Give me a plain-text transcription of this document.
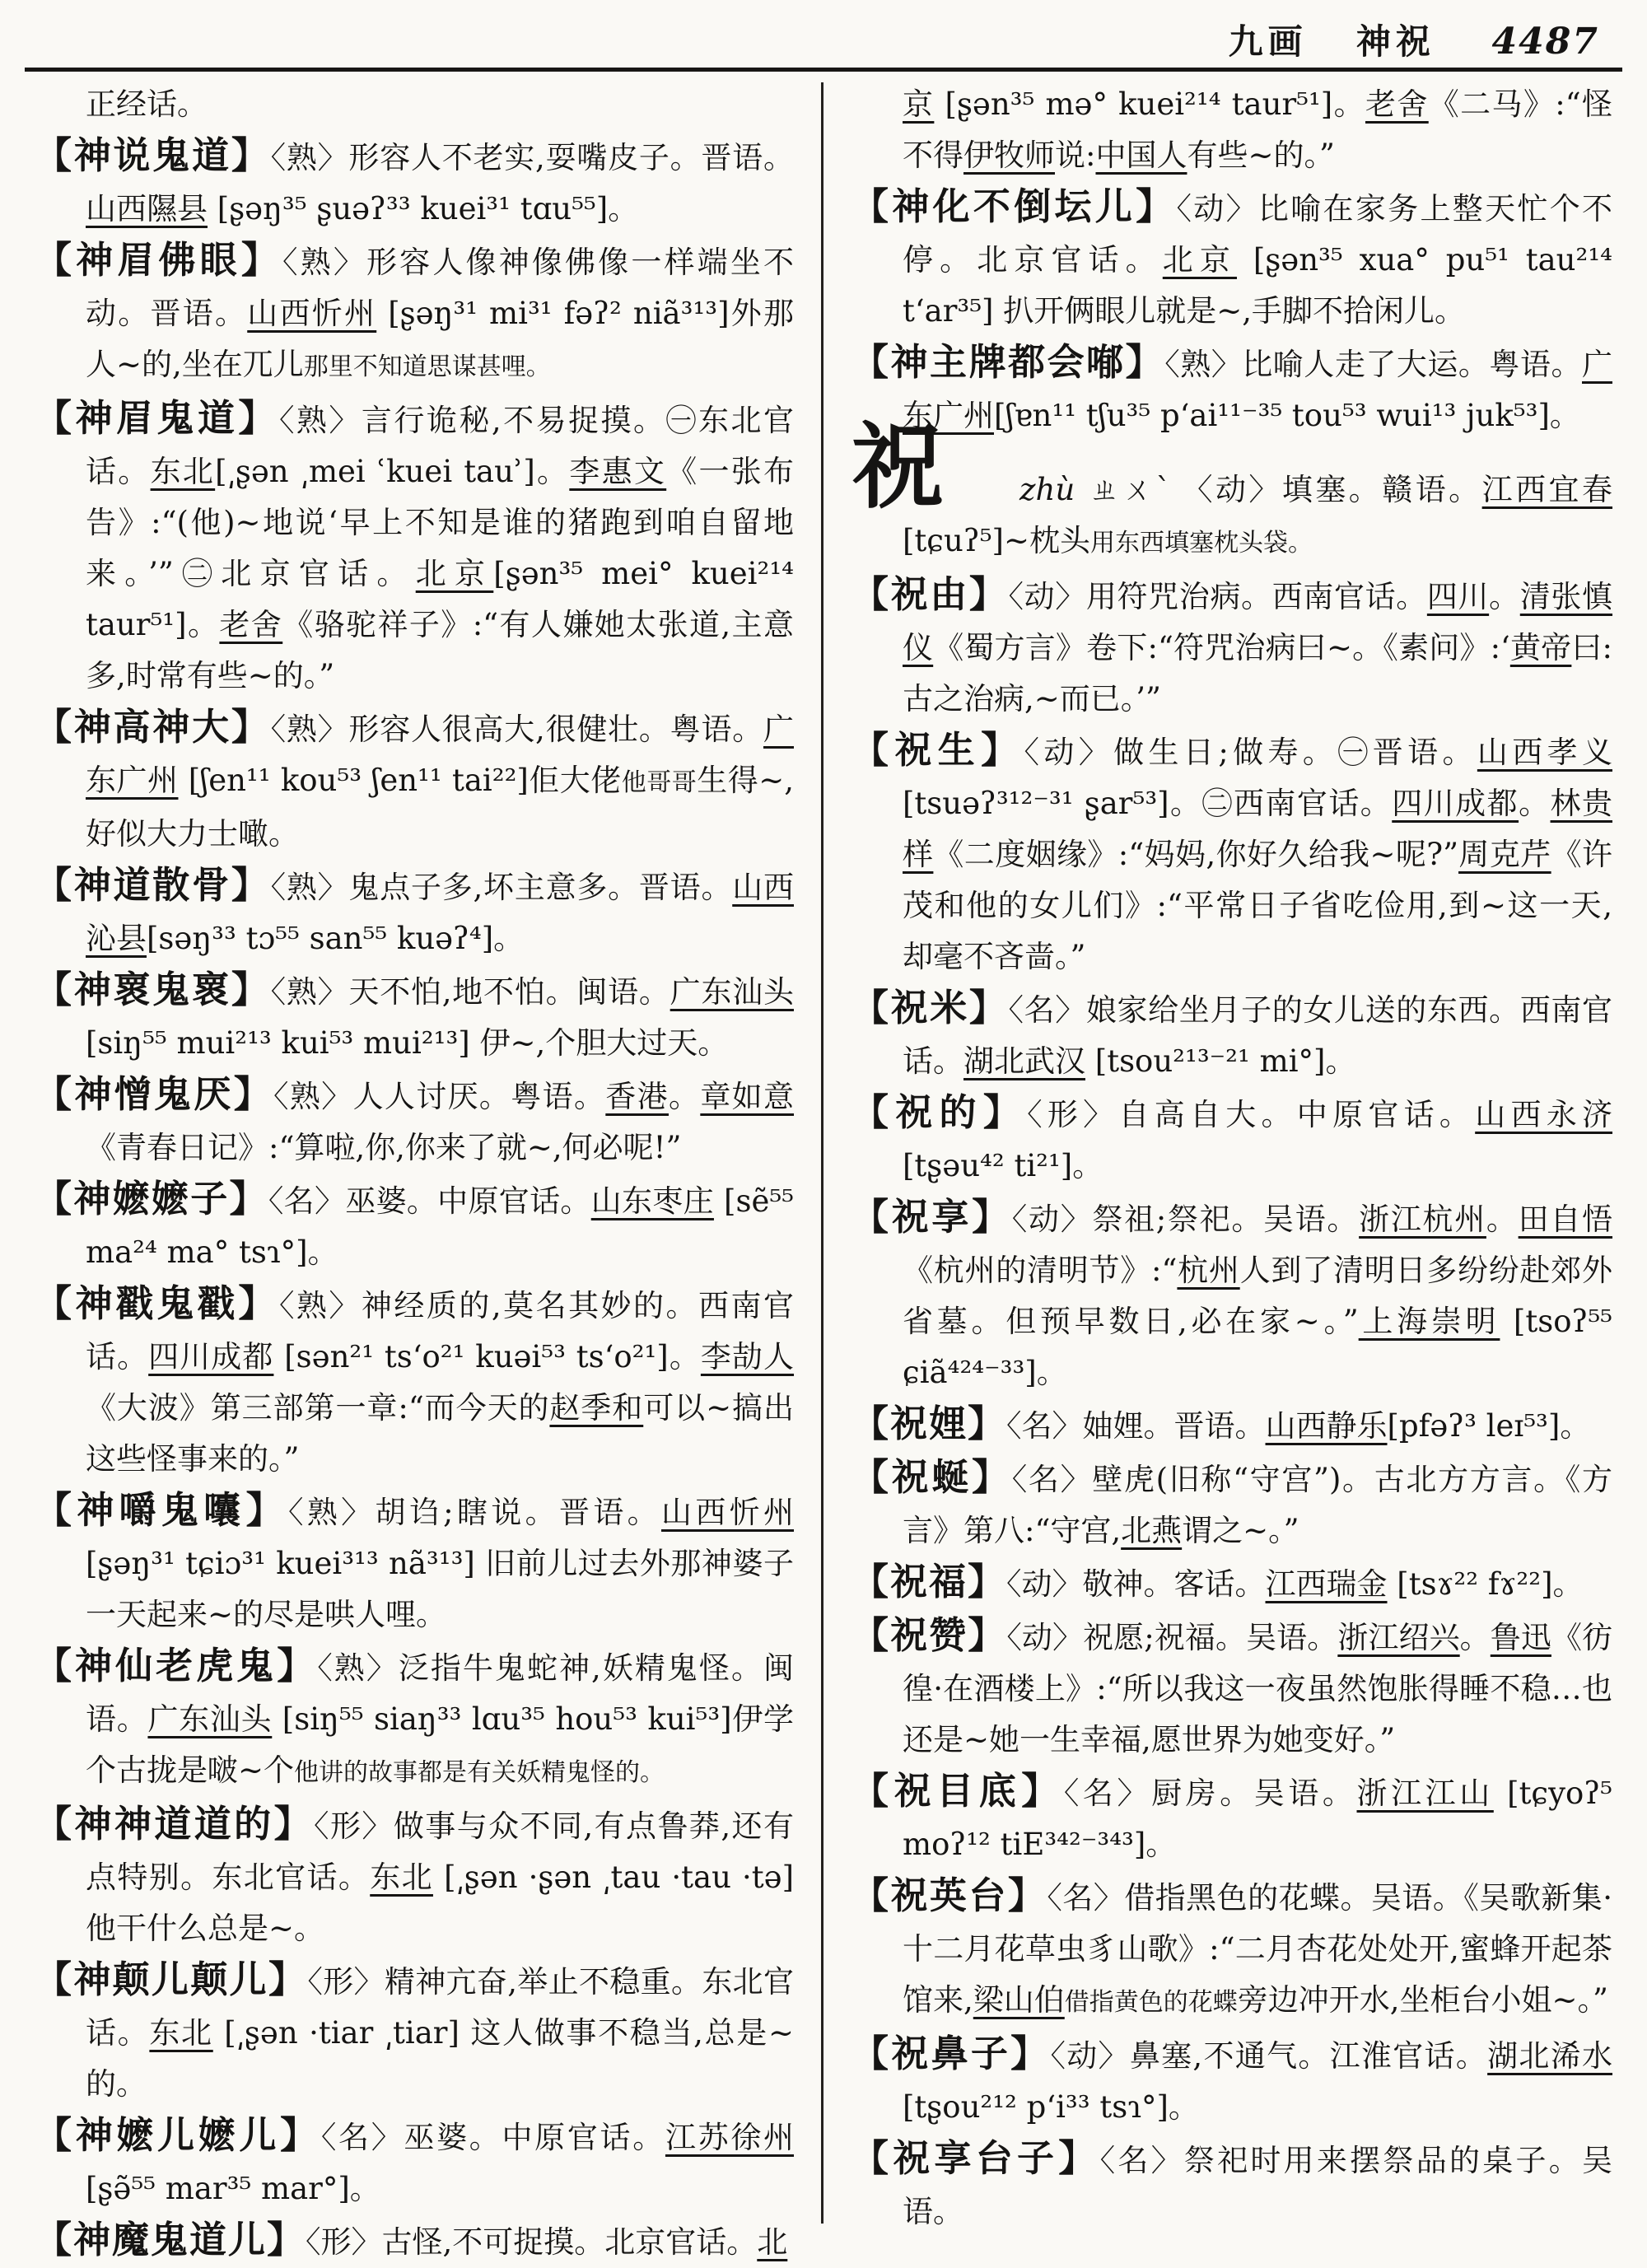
九画 神祝 4487

正经话。

【神说鬼道】〈熟〉形容人不老实,耍嘴皮子。晋语。山西隰县 [ʂəŋ³⁵ ʂuəʔ³³ kuei³¹ tɑu⁵⁵]。

【神眉佛眼】〈熟〉形容人像神像佛像一样端坐不动。晋语。山西忻州 [ʂəŋ³¹ mi³¹ fəʔ² niã³¹³]外那人~的,坐在兀儿那里不知道思谋甚哩。

【神眉鬼道】〈熟〉言行诡秘,不易捉摸。㊀东北官话。东北[͵ʂən ͵mei ʿkuei tauʾ]。李惠文《一张布告》:“(他)~地说‘早上不知是谁的猪跑到咱自留地来。’”㊁北京官话。北京[ʂən³⁵ mei° kuei²¹⁴ taur⁵¹]。老舍《骆驼祥子》:“有人嫌她太张道,主意多,时常有些~的。”

【神高神大】〈熟〉形容人很高大,很健壮。粤语。广东广州 [ʃen¹¹ kou⁵³ ʃen¹¹ tai²²]佢大佬他哥哥生得~,好似大力士噉。

【神道散骨】〈熟〉鬼点子多,坏主意多。晋语。山西沁县[səŋ³³ tɔ⁵⁵ san⁵⁵ kuəʔ⁴]。

【神褱鬼褱】〈熟〉天不怕,地不怕。闽语。广东汕头 [siŋ⁵⁵ mui²¹³ kui⁵³ mui²¹³] 伊~,个胆大过天。

【神憎鬼厌】〈熟〉人人讨厌。粤语。香港。章如意《青春日记》:“算啦,你,你来了就~,何必呢!”

【神嬷嬷子】〈名〉巫婆。中原官话。山东枣庄 [sẽ⁵⁵ ma²⁴ ma° tsɿ°]。

【神戳鬼戳】〈熟〉神经质的,莫名其妙的。西南官话。四川成都 [sən²¹ ts‘o²¹ kuəi⁵³ ts‘o²¹]。李劼人《大波》第三部第一章:“而今天的赵季和可以~搞出这些怪事来的。”

【神嚼鬼囔】〈熟〉胡诌;瞎说。晋语。山西忻州[ʂəŋ³¹ tɕiɔ³¹ kuei³¹³ nã³¹³] 旧前儿过去外那神婆子一天起来~的尽是哄人哩。

【神仙老虎鬼】〈熟〉泛指牛鬼蛇神,妖精鬼怪。闽语。广东汕头 [siŋ⁵⁵ siaŋ³³ lɑu³⁵ hou⁵³ kui⁵³]伊学个古拢是啵~个他讲的故事都是有关妖精鬼怪的。

【神神道道的】〈形〉做事与众不同,有点鲁莽,还有点特别。东北官话。东北 [͵ʂən ·ʂən ͵tau ·tau ·tə]他干什么总是~。

【神颠儿颠儿】〈形〉精神亢奋,举止不稳重。东北官话。东北 [͵ʂən ·tiar ͵tiar] 这人做事不稳当,总是~的。

【神嬷儿嬷儿】〈名〉巫婆。中原官话。江苏徐州[ʂə̃⁵⁵ mar³⁵ mar°]。

【神魔鬼道儿】〈形〉古怪,不可捉摸。北京官话。北

京 [ʂən³⁵ mə° kuei²¹⁴ taur⁵¹]。老舍《二马》:“怪不得伊牧师说:中国人有些~的。”

【神化不倒坛儿】〈动〉比喻在家务上整天忙个不停。北京官话。北京 [ʂən³⁵ xua° pu⁵¹ tau²¹⁴ t‘ar³⁵] 扒开俩眼儿就是~,手脚不拾闲儿。

【神主牌都会喐】〈熟〉比喻人走了大运。粤语。广东广州[ʃɐn¹¹ tʃu³⁵ p‘ai¹¹⁻³⁵ tou⁵³ wui¹³ juk⁵³]。

祝 zhù ㄓㄨˋ 〈动〉填塞。赣语。江西宜春 [tɕuʔ⁵]~枕头用东西填塞枕头袋。

【祝由】〈动〉用符咒治病。西南官话。四川。清张慎仪《蜀方言》卷下:“符咒治病曰~。《素问》:‘黄帝曰:古之治病,~而已。’”

【祝生】〈动〉做生日;做寿。㊀晋语。山西孝义[tsuəʔ³¹²⁻³¹ ʂar⁵³]。㊁西南官话。四川成都。林贵样《二度姻缘》:“妈妈,你好久给我~呢?”周克芹《许茂和他的女儿们》:“平常日子省吃俭用,到~这一天,却毫不吝啬。”

【祝米】〈名〉娘家给坐月子的女儿送的东西。西南官话。湖北武汉 [tsou²¹³⁻²¹ mi°]。

【祝的】〈形〉自高自大。中原官话。山西永济 [tʂəu⁴² ti²¹]。

【祝享】〈动〉祭祖;祭祀。吴语。浙江杭州。田自悟《杭州的清明节》:“杭州人到了清明日多纷纷赴郊外省墓。但预早数日,必在家~。”上海崇明 [tsoʔ⁵⁵ ɕiã⁴²⁴⁻³³]。

【祝娌】〈名〉妯娌。晋语。山西静乐[pfəʔ³ leɪ⁵³]。

【祝蜒】〈名〉壁虎(旧称“守宫”)。古北方方言。《方言》第八:“守宫,北燕谓之~。”

【祝福】〈动〉敬神。客话。江西瑞金 [tsɤ²² fɤ²²]。

【祝赞】〈动〉祝愿;祝福。吴语。浙江绍兴。鲁迅《彷徨·在酒楼上》:“所以我这一夜虽然饱胀得睡不稳…也还是~她一生幸福,愿世界为她变好。”

【祝目底】〈名〉厨房。吴语。浙江江山 [tɕyoʔ⁵ moʔ¹² tiE³⁴²⁻³⁴³]。

【祝英台】〈名〉借指黑色的花蝶。吴语。《吴歌新集·十二月花草虫豸山歌》:“二月杏花处处开,蜜蜂开起茶馆来,梁山伯借指黄色的花蝶旁边冲开水,坐柜台小姐~。”

【祝鼻子】〈动〉鼻塞,不通气。江淮官话。湖北浠水 [tʂou²¹² p‘i³³ tsɿ°]。

【祝享台子】〈名〉祭祀时用来摆祭品的桌子。吴语。
